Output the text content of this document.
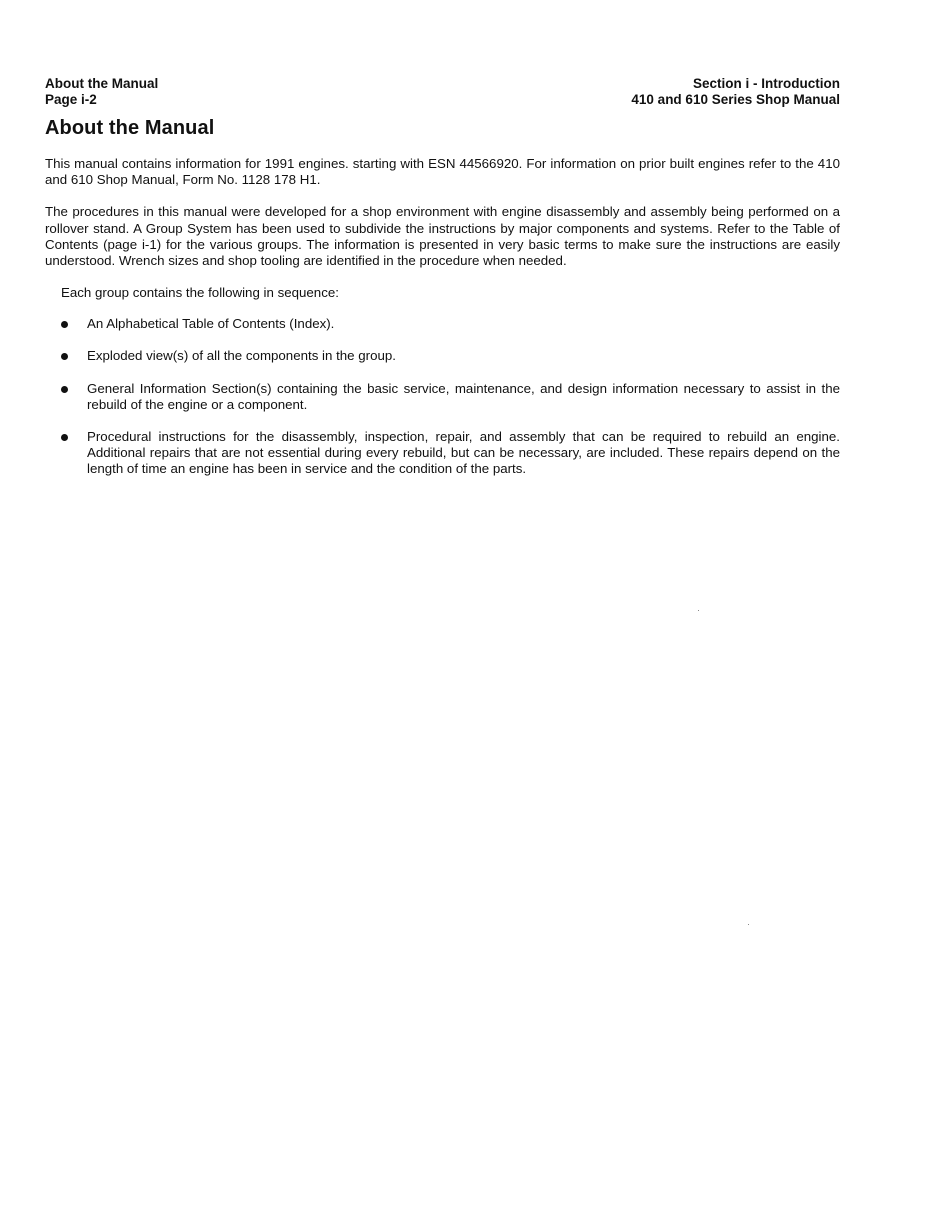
About the Manual
Page i-2
Section i - Introduction
410 and 610 Series Shop Manual
About the Manual

This manual contains information for 1991 engines. starting with ESN 44566920. For information on prior built engines refer to the 410 and 610 Shop Manual, Form No. 1128 178 H1.

The procedures in this manual were developed for a shop environment with engine disassembly and assembly being performed on a rollover stand. A Group System has been used to subdivide the instructions by major components and systems. Refer to the Table of Contents (page i-1) for the various groups. The information is presented in very basic terms to make sure the instructions are easily understood. Wrench sizes and shop tooling are identified in the procedure when needed.

Each group contains the following in sequence:

An Alphabetical Table of Contents (Index).
Exploded view(s) of all the components in the group.
General Information Section(s) containing the basic service, maintenance, and design information necessary to assist in the rebuild of the engine or a component.
Procedural instructions for the disassembly, inspection, repair, and assembly that can be required to rebuild an engine. Additional repairs that are not essential during every rebuild, but can be necessary, are included. These repairs depend on the length of time an engine has been in service and the condition of the parts.
